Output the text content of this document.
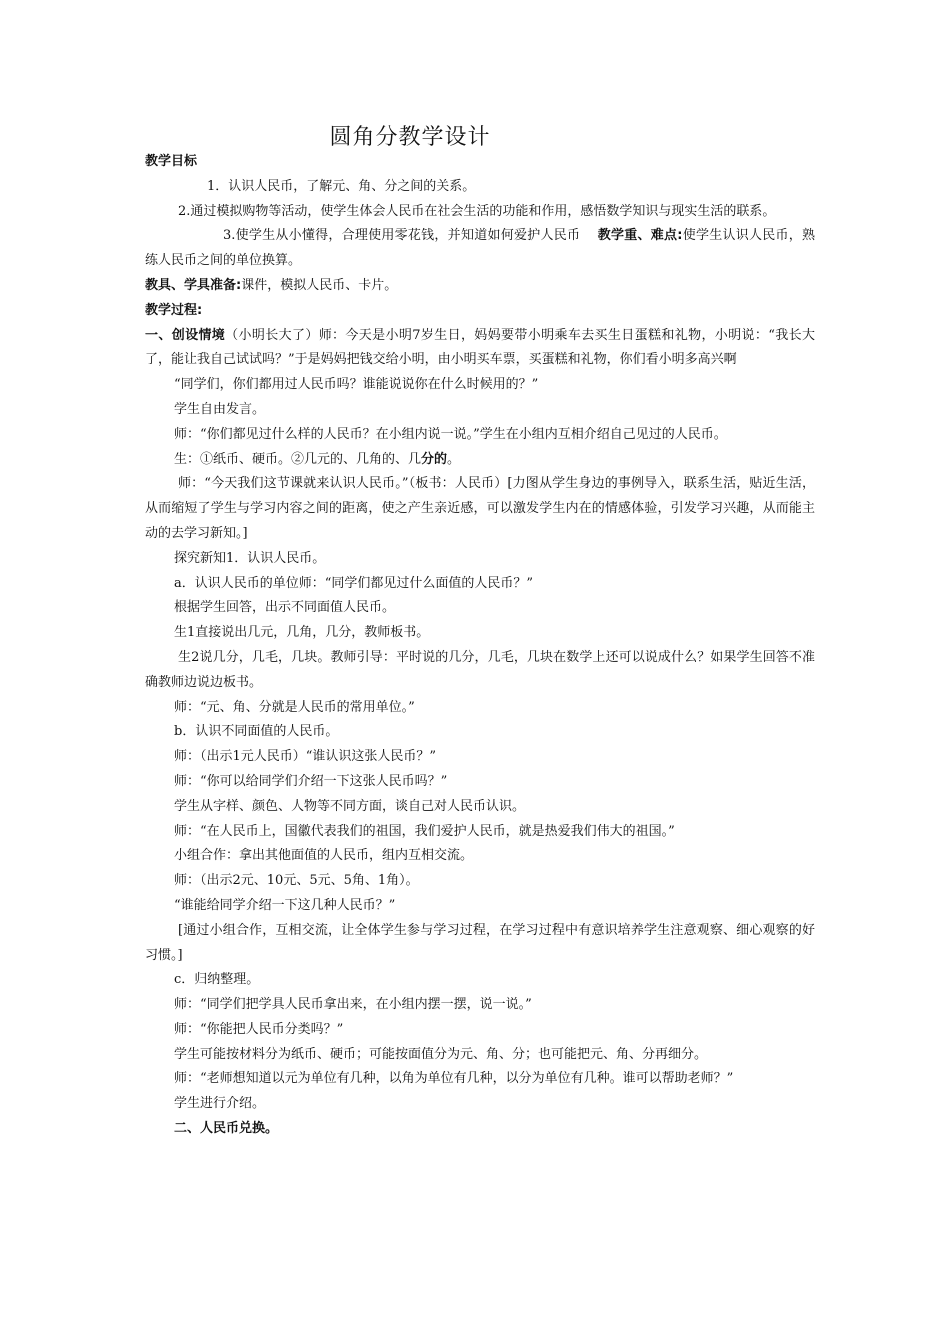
圆角分教学设计

教学目标

1．认识人民币，了解元、角、分之间的关系。

2.通过模拟购物等活动，使学生体会人民币在社会生活的功能和作用，感悟数学知识与现实生活的联系。

3.使学生从小懂得，合理使用零花钱，并知道如何爱护人民币 教学重、难点:使学生认识人民币，熟练人民币之间的单位换算。

教具、学具准备:课件，模拟人民币、卡片。

教学过程:

一、创设情境（小明长大了）师：今天是小明7岁生日，妈妈要带小明乘车去买生日蛋糕和礼物，小明说：“我长大了，能让我自己试试吗？”于是妈妈把钱交给小明，由小明买车票，买蛋糕和礼物，你们看小明多高兴啊

“同学们，你们都用过人民币吗？谁能说说你在什么时候用的？”

学生自由发言。

师：“你们都见过什么样的人民币？在小组内说一说。”学生在小组内互相介绍自己见过的人民币。

生：①纸币、硬币。②几元的、几角的、几分的。

师：“今天我们这节课就来认识人民币。”（板书：人民币）[力图从学生身边的事例导入，联系生活，贴近生活，从而缩短了学生与学习内容之间的距离，使之产生亲近感，可以激发学生内在的情感体验，引发学习兴趣，从而能主动的去学习新知。]

探究新知1．认识人民币。

a．认识人民币的单位师：“同学们都见过什么面值的人民币？”

根据学生回答，出示不同面值人民币。

生1直接说出几元，几角，几分，教师板书。

生2说几分，几毛，几块。教师引导：平时说的几分，几毛，几块在数学上还可以说成什么？如果学生回答不准确教师边说边板书。

师：“元、角、分就是人民币的常用单位。”

b．认识不同面值的人民币。

师：（出示1元人民币）“谁认识这张人民币？”

师：“你可以给同学们介绍一下这张人民币吗？”

学生从字样、颜色、人物等不同方面，谈自己对人民币认识。

师：“在人民币上，国徽代表我们的祖国，我们爱护人民币，就是热爱我们伟大的祖国。”

小组合作：拿出其他面值的人民币，组内互相交流。

师：（出示2元、10元、5元、5角、1角）。

“谁能给同学介绍一下这几种人民币？”

[通过小组合作，互相交流，让全体学生参与学习过程，在学习过程中有意识培养学生注意观察、细心观察的好习惯。]

c．归纳整理。

师：“同学们把学具人民币拿出来，在小组内摆一摆，说一说。”

师：“你能把人民币分类吗？”

学生可能按材料分为纸币、硬币；可能按面值分为元、角、分；也可能把元、角、分再细分。

师：“老师想知道以元为单位有几种，以角为单位有几种，以分为单位有几种。谁可以帮助老师？”

学生进行介绍。

二、人民币兑换。
